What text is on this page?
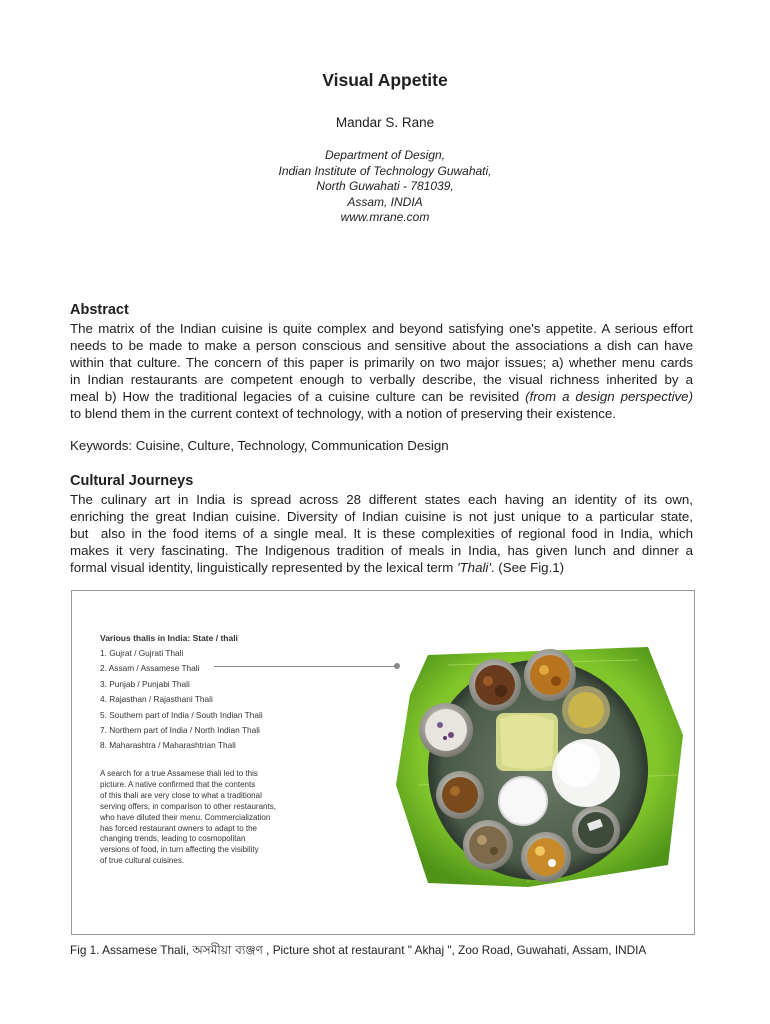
Visual Appetite
Mandar S. Rane
Department of Design,
Indian Institute of Technology Guwahati,
North Guwahati - 781039,
Assam, INDIA
www.mrane.com
Abstract
The matrix of the Indian cuisine is quite complex and beyond satisfying one's appetite. A serious effort
needs to be made to make a person conscious and sensitive about the associations a dish can have
within that culture. The concern of this paper is primarily on two major issues; a) whether menu cards
in Indian restaurants are competent enough to verbally describe, the visual richness inherited by a
meal b) How the traditional legacies of a cuisine culture can be revisited (from a design perspective)
to blend them in the current context of technology, with a notion of preserving their existence.
Keywords: Cuisine, Culture, Technology, Communication Design
Cultural Journeys
The culinary art in India is spread across 28 different states each having an identity of its own,
enriching the great Indian cuisine. Diversity of Indian cuisine is not just unique to a particular state,
but  also in the food items of a single meal. It is these complexities of regional food in India, which
makes it very fascinating. The Indigenous tradition of meals in India, has given lunch and dinner a
formal visual identity, linguistically represented by the lexical term 'Thali'. (See Fig.1)
Various thalis in India: State / thali
1. Gujrat / Gujrati Thali
2. Assam / Assamese Thali
3. Punjab / Punjabi Thali
4. Rajasthan / Rajasthani Thali
5. Southern part of India / South Indian Thali
7. Northern part of India / North Indian Thali
8. Maharashtra / Maharashtrian Thali
A search for a true Assamese thali led to this
picture. A native confirmed that the contents
of this thali are very close to what a traditional
serving offers, in comparison to other restaurants,
who have diluted their menu. Commercialization
has forced restaurant owners to adapt to the
changing trends, leading to cosmopolitan
versions of food, in turn affecting the visibility
of true cultural cuisines.
Fig 1. Assamese Thali, অসমীয়া ব্যঞ্জণ , Picture shot at restaurant " Akhaj ", Zoo Road, Guwahati, Assam, INDIA
